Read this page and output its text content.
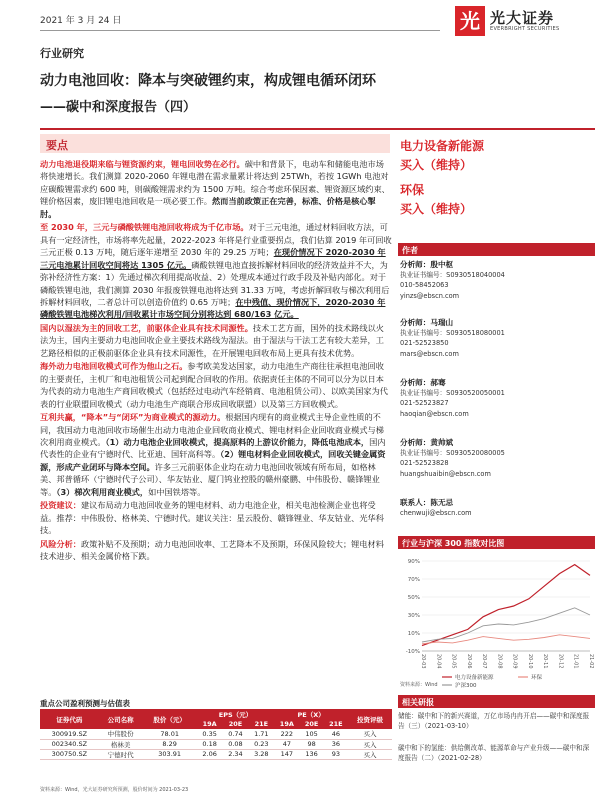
2021 年 3 月 24 日	光 光大证券
EVERBRIGHT SECURITIES
行业研究
动力电池回收：降本与突破锂约束，构成锂电循环闭环
——碳中和深度报告（四）
要点

动力电池退役期来临与锂资源约束，锂电回收势在必行。碳中和背景下，电动车和储能电池市场将快速增长。我们测算 2020-2060 年锂电潜在需求量累计将达到 25TWh，若按 1GWh 电池对应碳酸锂需求约 600 吨，则碳酸锂需求约为 1500 万吨。综合考虑环保因素、锂资源区域约束、锂价格因素，废旧锂电池回收是一项必要工作。然而当前政策正在完善，标准、价格是核心掣肘。

至 2030 年，三元与磷酸铁锂电池回收将成为千亿市场。对于三元电池，通过材料回收方法，可具有一定经济性，市场将率先起量，2022-2023 年将是行业重要拐点，我们估算 2019 年可回收三元正极 0.13 万吨，随后逐年递增至 2030 年的 29.25 万吨；在现价情况下 2020-2030 年三元电池累计回收空间将达 1305 亿元。磷酸铁锂电池直接拆解材料回收的经济效益并不大，为弥补经济性方案：1）先通过梯次利用提高收益、2）处理成本通过行政手段及补贴内部化。对于磷酸铁锂电池，我们测算 2030 年报废铁锂电池将达到 31.33 万吨，考虑折解回收与梯次利用后拆解材料回收，二者总计可以创造价值约 0.65 万吨；在中残值、现价情况下，2020-2030 年磷酸铁锂电池梯次利用/回收累计市场空间分别将达到 680/163 亿元。

国内以湿法为主的回收工艺，前驱体企业具有技术同源性。技术工艺方面，国外的技术路线以火法为主，国内主要动力电池回收企业主要技术路线为湿法。由于湿法与干法工艺有较大差异，工艺路径相似的正极前驱体企业具有技术同源性，在开展锂电回收布局上更具有技术优势。

海外动力电池回收模式可作为他山之石。参考欧美发达国家，动力电池生产商往往承担电池回收的主要责任，主机厂和电池租赁公司起到配合回收的作用。依据责任主体的不同可以分为以日本为代表的动力电池生产商回收模式（包括经过电动汽车经销商、电池租赁公司）、以欧美国家为代表的行业联盟回收模式（动力电池生产商联合形成回收联盟）以及第三方回收模式。

互利共赢，“降本”与“闭环”为商业模式的源动力。根据国内现有的商业模式主导企业性质的不同，我国动力电池回收市场催生出动力电池企业回收商业模式、锂电材料企业回收商业模式与梯次利用商业模式。（1）动力电池企业回收模式，提高原料的上游议价能力，降低电池成本，国内代表性的企业有宁德时代、比亚迪、国轩高科等。（2）锂电材料企业回收模式，回收关键金属资源，形成产业闭环与降本空间。许多三元前驱体企业均在动力电池回收领域有所布局，如格林美、邦普循环（宁德时代子公司）、华友钴业、厦门钨业控股的赣州豪鹏、中伟股份、赣锋锂业等。（3）梯次利用商业模式，如中国铁塔等。

投资建议：建议布局动力电池回收业务的锂电材料、动力电池企业，相关电池检测企业也将受益。推荐：中伟股份、格林美、宁德时代。建议关注：星云股份、赣锋锂业、华友钴业、光华科技。

风险分析：政策补贴不及预期；动力电池回收率、工艺降本不及预期，环保风险较大；锂电材料技术进步、相关金属价格下跌。

电力设备新能源
买入（维持）
环保
买入（维持）
作者
分析师：殷中枢
执业证书编号：S0930518040004
010-58452063
yinzs@ebscn.com
分析师：马瑞山
执业证书编号：S0930518080001
021-52523850
mars@ebscn.com
分析师：郝骞
执业证书编号：S0930520050001
021-52523827
haoqian@ebscn.com
分析师：黄帅斌
执业证书编号：S0930520080005
021-52523828
huangshuaibin@ebscn.com
联系人：陈无忌
chenwuji@ebscn.com
行业与沪深 300 指数对比图
-10%
10%
30%
50%
70%
90%
20-03 20-04 20-05 20-06 20-07 20-08 20-09 20-10 20-11 20-12 21-01 21-02
电力设备新能源	环保
沪深300
资料来源：Wind
相关研报
储能：碳中和下的新兴赛道，万亿市场冉冉开启——碳中和深度报告（三）（2021-03-10）
碳中和下的氢能：供给侧改革、能源革命与产业升级——碳中和深度报告（二）（2021-02-28）
重点公司盈利预测与估值表
证券代码	公司名称	股价（元）	EPS（元）			PE（X）			投资评级
			19A	20E	21E	19A	20E	21E	
300919.SZ	中伟股份	78.01	0.35	0.74	1.71	222	105	46	买入
002340.SZ	格林美	8.29	0.18	0.08	0.23	47	98	36	买入
300750.SZ	宁德时代	303.91	2.06	2.34	3.28	147	136	93	买入
资料来源：Wind，光大证券研究所预测，股价时间为 2021-03-23
